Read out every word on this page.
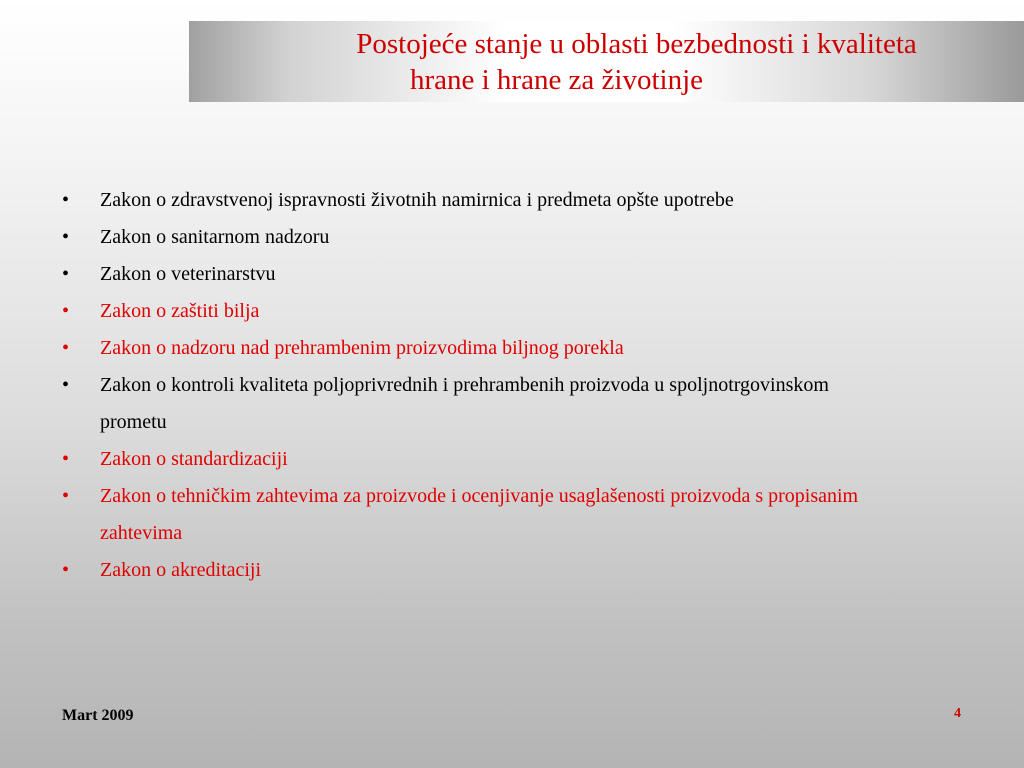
Postojeće stanje u oblasti bezbednosti i kvaliteta
hrane i hrane za životinje
• Zakon o zdravstvenoj ispravnosti životnih namirnica i predmeta opšte upotrebe
• Zakon o sanitarnom nadzoru
• Zakon o veterinarstvu
• Zakon o zaštiti bilja
• Zakon o nadzoru nad prehrambenim proizvodima biljnog porekla
• Zakon o kontroli kvaliteta poljoprivrednih i prehrambenih proizvoda u spoljnotrgovinskom prometu
• Zakon o standardizaciji
• Zakon o tehničkim zahtevima za proizvode i ocenjivanje usaglašenosti proizvoda s propisanim zahtevima
• Zakon o akreditaciji
Mart 2009	4
